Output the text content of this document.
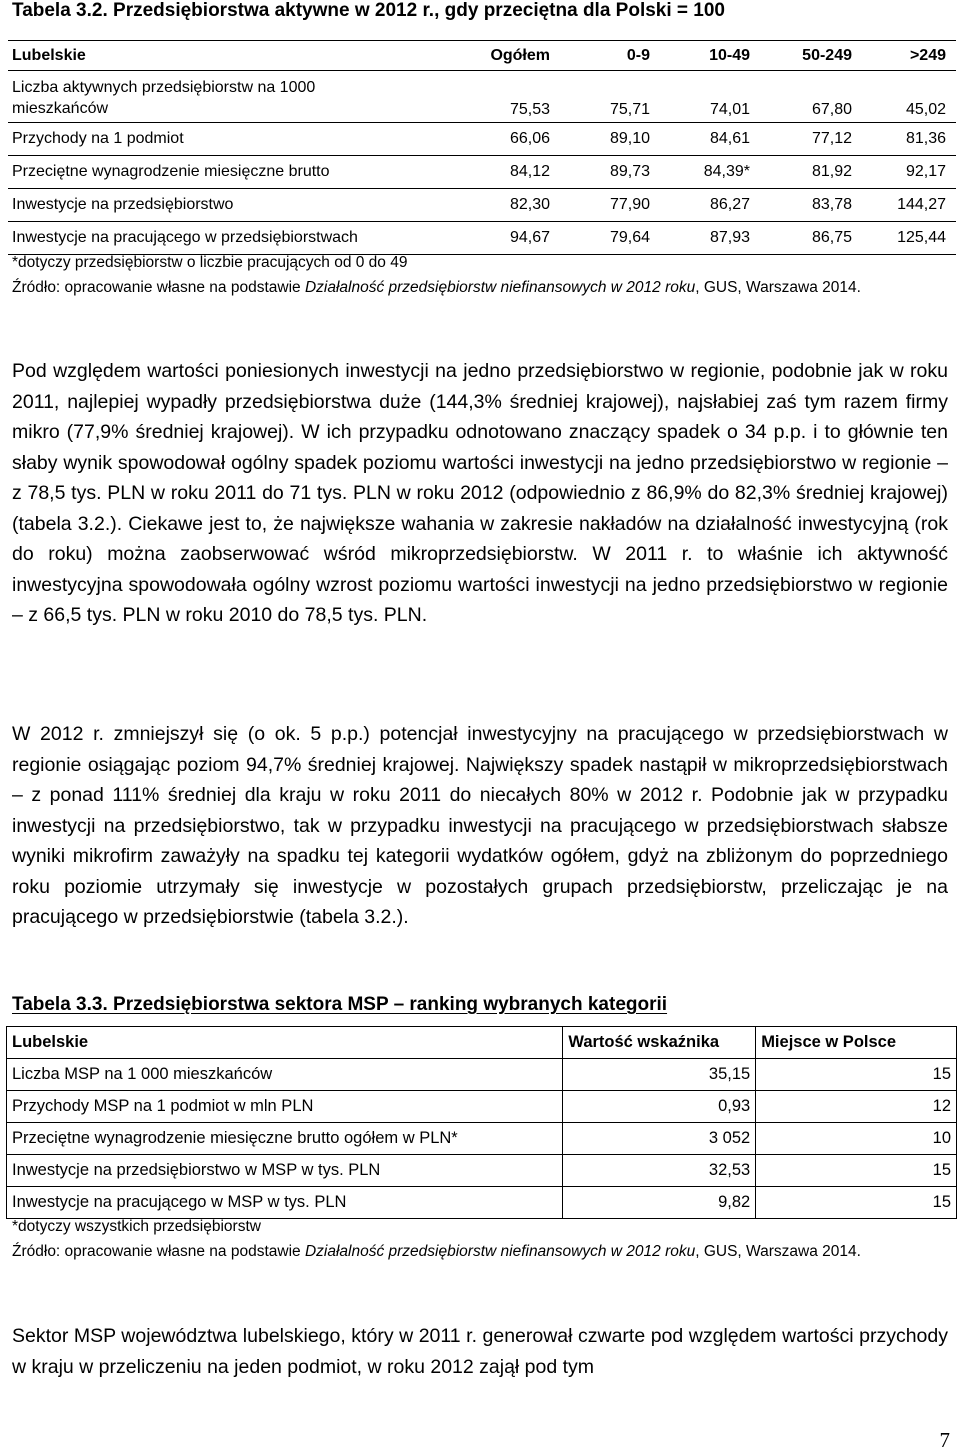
Tabela 3.2. Przedsiębiorstwa aktywne w 2012 r., gdy przeciętna dla Polski = 100
Lubelskie	Ogółem	0-9	10-49	50-249	>249
Liczba aktywnych przedsiębiorstw na 1000
mieszkańców	75,53	75,71	74,01	67,80	45,02
Przychody na 1 podmiot	66,06	89,10	84,61	77,12	81,36
Przeciętne wynagrodzenie miesięczne brutto	84,12	89,73	84,39*	81,92	92,17
Inwestycje na przedsiębiorstwo	82,30	77,90	86,27	83,78	144,27
Inwestycje na pracującego w przedsiębiorstwach	94,67	79,64	87,93	86,75	125,44
*dotyczy przedsiębiorstw o liczbie pracujących od 0 do 49
Źródło: opracowanie własne na podstawie Działalność przedsiębiorstw niefinansowych w 2012 roku, GUS, Warszawa 2014.

Pod względem wartości poniesionych inwestycji na jedno przedsiębiorstwo w regionie, podobnie jak w roku 2011, najlepiej wypadły przedsiębiorstwa duże (144,3% średniej krajowej), najsłabiej zaś tym razem firmy mikro (77,9% średniej krajowej). W ich przypadku odnotowano znaczący spadek o 34 p.p. i to głównie ten słaby wynik spowodował ogólny spadek poziomu wartości inwestycji na jedno przedsiębiorstwo w regionie – z 78,5 tys. PLN w roku 2011 do 71 tys. PLN w roku 2012 (odpowiednio z 86,9% do 82,3% średniej krajowej) (tabela 3.2.). Ciekawe jest to, że największe wahania w zakresie nakładów na działalność inwestycyjną (rok do roku) można zaobserwować wśród mikroprzedsiębiorstw. W 2011 r. to właśnie ich aktywność inwestycyjna spowodowała ogólny wzrost poziomu wartości inwestycji na jedno przedsiębiorstwo w regionie – z 66,5 tys. PLN w roku 2010 do 78,5 tys. PLN.

W 2012 r. zmniejszył się (o ok. 5 p.p.) potencjał inwestycyjny na pracującego w przedsiębiorstwach w regionie osiągając poziom 94,7% średniej krajowej. Największy spadek nastąpił w mikroprzedsiębiorstwach – z ponad 111% średniej dla kraju w roku 2011 do niecałych 80% w 2012 r. Podobnie jak w przypadku inwestycji na przedsiębiorstwo, tak w przypadku inwestycji na pracującego w przedsiębiorstwach słabsze wyniki mikrofirm zaważyły na spadku tej kategorii wydatków ogółem, gdyż na zbliżonym do poprzedniego roku poziomie utrzymały się inwestycje w pozostałych grupach przedsiębiorstw, przeliczając je na pracującego w przedsiębiorstwie (tabela 3.2.).

Tabela 3.3. Przedsiębiorstwa sektora MSP – ranking wybranych kategorii
Lubelskie	Wartość wskaźnika	Miejsce w Polsce
Liczba MSP na 1 000 mieszkańców	35,15	15
Przychody MSP na 1 podmiot w mln PLN	0,93	12
Przeciętne wynagrodzenie miesięczne brutto ogółem w PLN*	3 052	10
Inwestycje na przedsiębiorstwo w MSP w tys. PLN	32,53	15
Inwestycje na pracującego w MSP w tys. PLN	9,82	15
*dotyczy wszystkich przedsiębiorstw
Źródło: opracowanie własne na podstawie Działalność przedsiębiorstw niefinansowych w 2012 roku, GUS, Warszawa 2014.

Sektor MSP województwa lubelskiego, który w 2011 r. generował czwarte pod względem wartości przychody w kraju w przeliczeniu na jeden podmiot, w roku 2012 zajął pod tym

7
